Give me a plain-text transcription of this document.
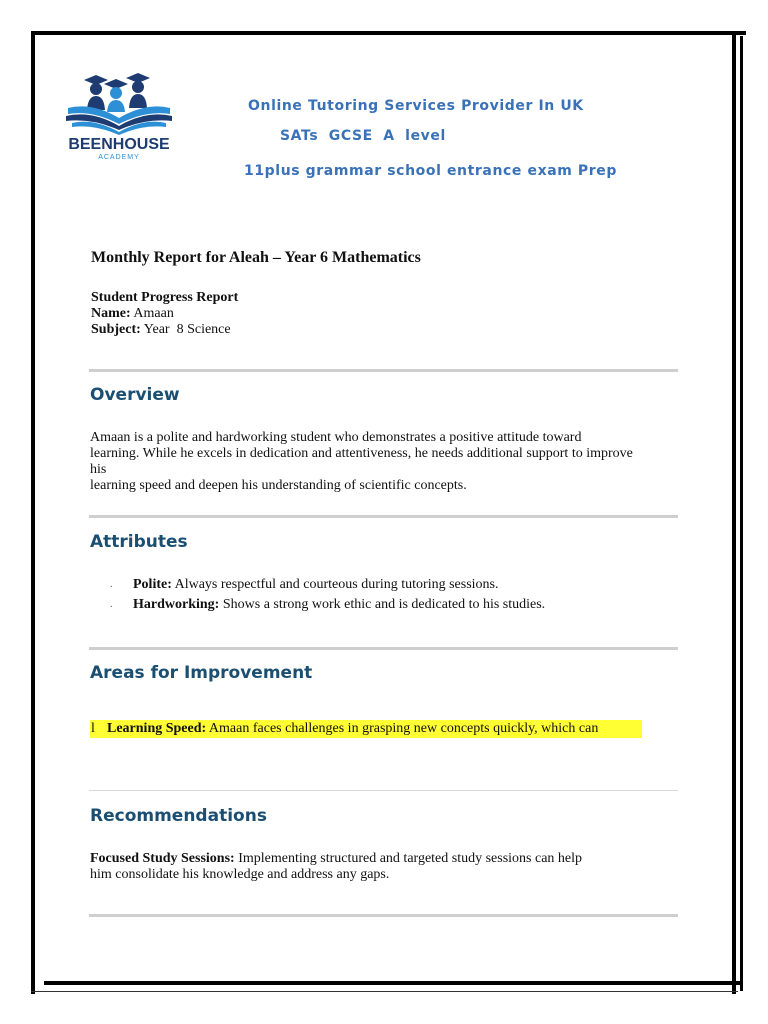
BEENHOUSE
ACADEMY
Online Tutoring Services Provider In UK
SATs GCSE A level
11plus grammar school entrance exam Prep
Monthly Report for Aleah – Year 6 Mathematics
Student Progress Report
Name: Amaan
Subject: Year  8 Science
Overview
Amaan is a polite and hardworking student who demonstrates a positive attitude toward
learning. While he excels in dedication and attentiveness, he needs additional support to improve
his
learning speed and deepen his understanding of scientific concepts.
Attributes
. Polite: Always respectful and courteous during tutoring sessions.
. Hardworking: Shows a strong work ethic and is dedicated to his studies.
Areas for Improvement
l Learning Speed: Amaan faces challenges in grasping new concepts quickly, which can
Recommendations
Focused Study Sessions: Implementing structured and targeted study sessions can help
him consolidate his knowledge and address any gaps.
